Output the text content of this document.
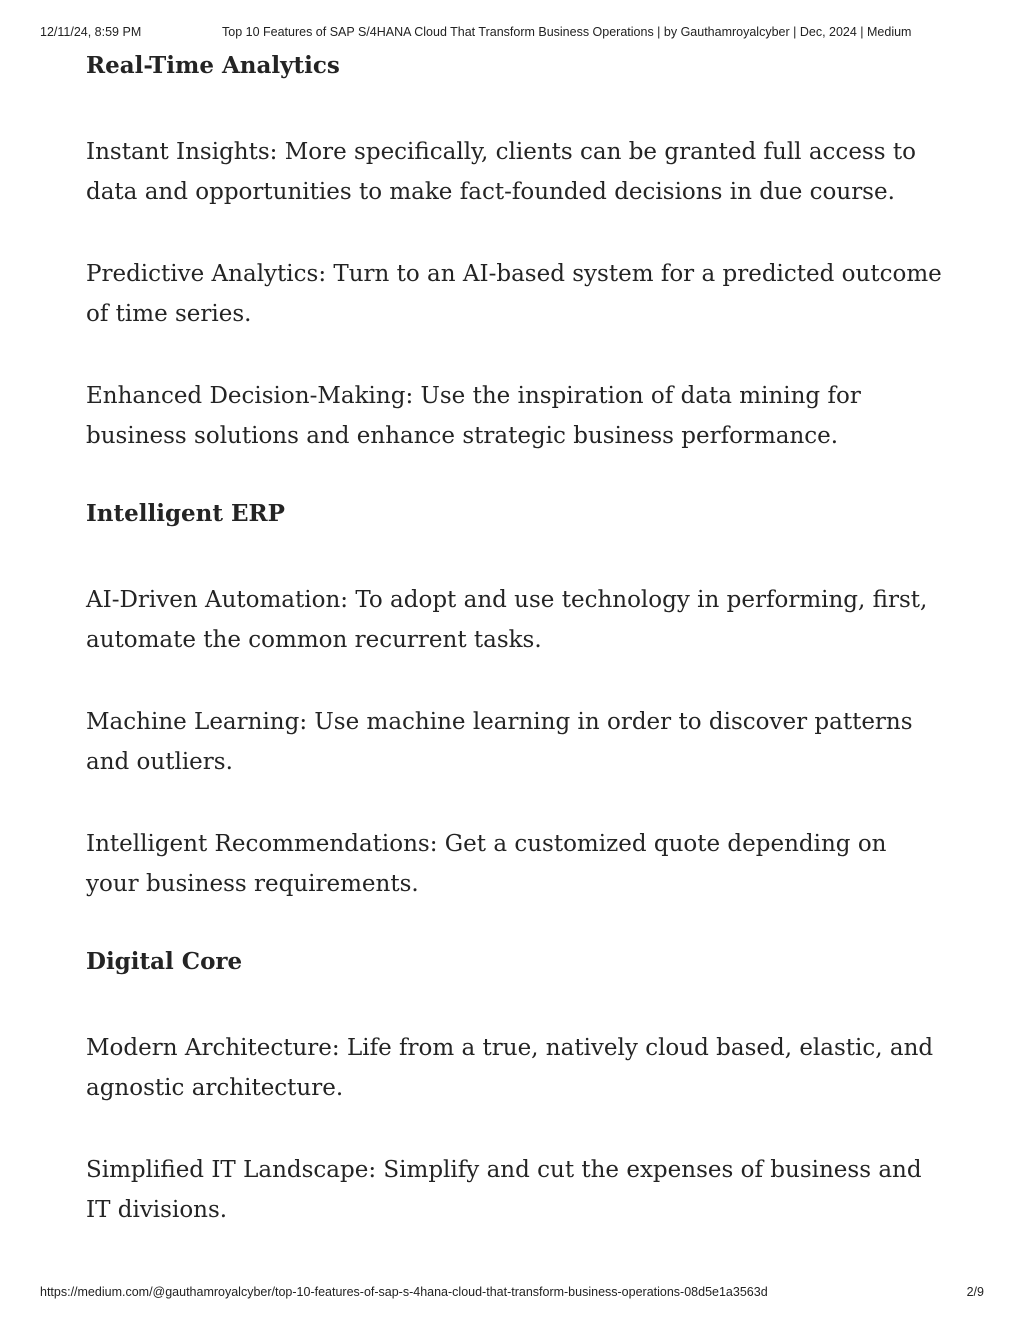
12/11/24, 8:59 PM	Top 10 Features of SAP S/4HANA Cloud That Transform Business Operations | by Gauthamroyalcyber | Dec, 2024 | Medium
Real-Time Analytics

Instant Insights: More specifically, clients can be granted full access to data and opportunities to make fact-founded decisions in due course.

Predictive Analytics: Turn to an AI-based system for a predicted outcome of time series.

Enhanced Decision-Making: Use the inspiration of data mining for business solutions and enhance strategic business performance.

Intelligent ERP

AI-Driven Automation: To adopt and use technology in performing, first, automate the common recurrent tasks.

Machine Learning: Use machine learning in order to discover patterns and outliers.

Intelligent Recommendations: Get a customized quote depending on your business requirements.

Digital Core

Modern Architecture: Life from a true, natively cloud based, elastic, and agnostic architecture.

Simplified IT Landscape: Simplify and cut the expenses of business and IT divisions.

https://medium.com/@gauthamroyalcyber/top-10-features-of-sap-s-4hana-cloud-that-transform-business-operations-08d5e1a3563d	2/9
